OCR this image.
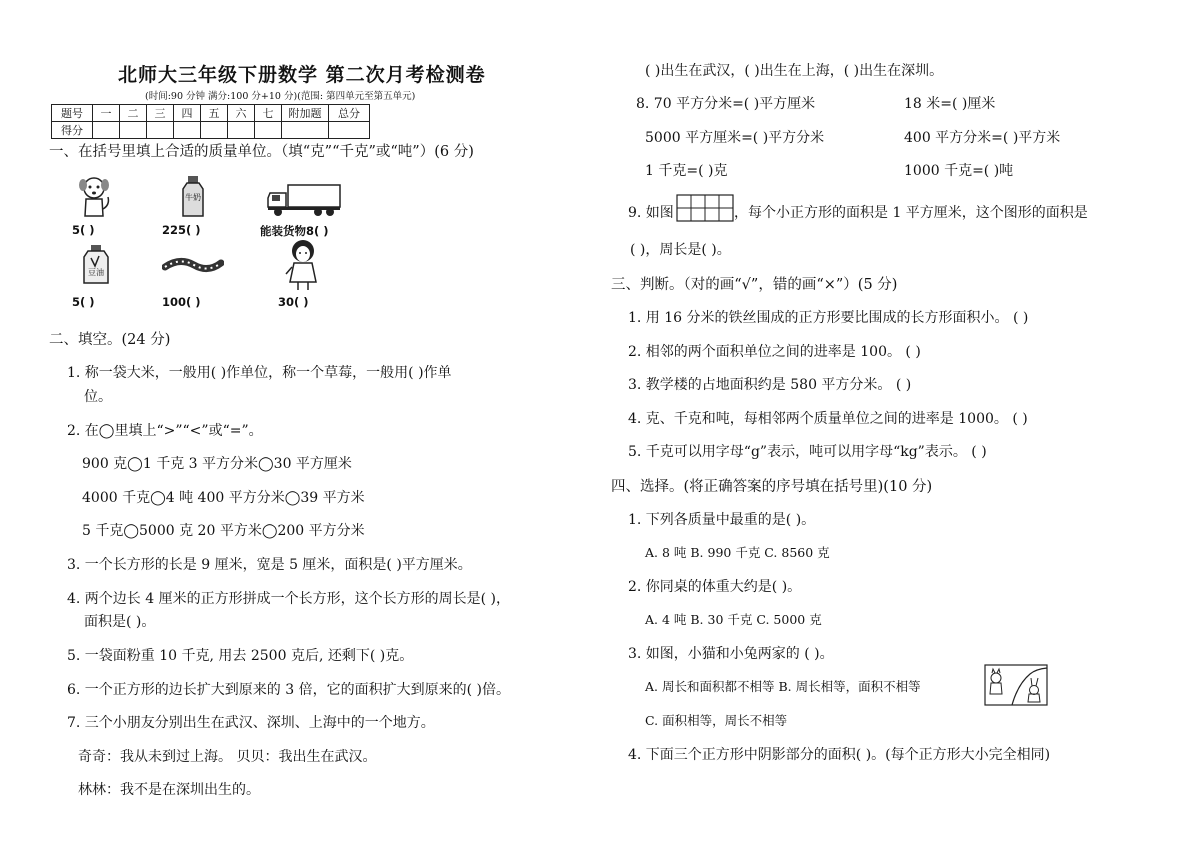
北师大三年级下册数学 第二次月考检测卷
(时间:90 分钟 满分:100 分+10 分)(范围: 第四单元至第五单元)
题号	一	二	三	四	五	六	七	附加题	总分
得分									
一、在括号里填上合适的质量单位。（填“克”“千克”或“吨”）(6 分)
牛奶
豆油
5( )	225( )	能装货物8( )
5( )	100( )	30( )
二、填空。(24 分)
1. 称一袋大米，一般用( )作单位，称一个草莓，一般用( )作单
位。
2. 在◯里填上“>”“<”或“=”。
900 克◯1 千克 3 平方分米◯30 平方厘米
4000 千克◯4 吨 400 平方分米◯39 平方米
5 千克◯5000 克 20 平方米◯200 平方分米
3. 一个长方形的长是 9 厘米，宽是 5 厘米，面积是( )平方厘米。
4. 两个边长 4 厘米的正方形拼成一个长方形，这个长方形的周长是( )，
面积是( )。
5. 一袋面粉重 10 千克, 用去 2500 克后, 还剩下( )克。
6. 一个正方形的边长扩大到原来的 3 倍，它的面积扩大到原来的( )倍。
7. 三个小朋友分别出生在武汉、深圳、上海中的一个地方。
奇奇：我从未到过上海。 贝贝：我出生在武汉。
林林：我不是在深圳出生的。
( )出生在武汉，( )出生在上海，( )出生在深圳。
8. 70 平方分米=( )平方厘米	18 米=( )厘米
5000 平方厘米=( )平方分米	400 平方分米=( )平方米
1 千克=( )克	1000 千克=( )吨
9. 如图	，每个小正方形的面积是 1 平方厘米，这个图形的面积是
( )，周长是( )。
三、判断。（对的画“√”，错的画“×”）(5 分)
1. 用 16 分米的铁丝围成的正方形要比围成的长方形面积小。 ( )
2. 相邻的两个面积单位之间的进率是 100。 ( )
3. 教学楼的占地面积约是 580 平方分米。 ( )
4. 克、千克和吨，每相邻两个质量单位之间的进率是 1000。 ( )
5. 千克可以用字母“g”表示，吨可以用字母“kg”表示。 ( )
四、选择。(将正确答案的序号填在括号里)(10 分)
1. 下列各质量中最重的是( )。
A. 8 吨 B. 990 千克 C. 8560 克
2. 你同桌的体重大约是( )。
A. 4 吨 B. 30 千克 C. 5000 克
3. 如图，小猫和小兔两家的 ( )。
A. 周长和面积都不相等 B. 周长相等，面积不相等
C. 面积相等，周长不相等
4. 下面三个正方形中阴影部分的面积( )。(每个正方形大小完全相同)
